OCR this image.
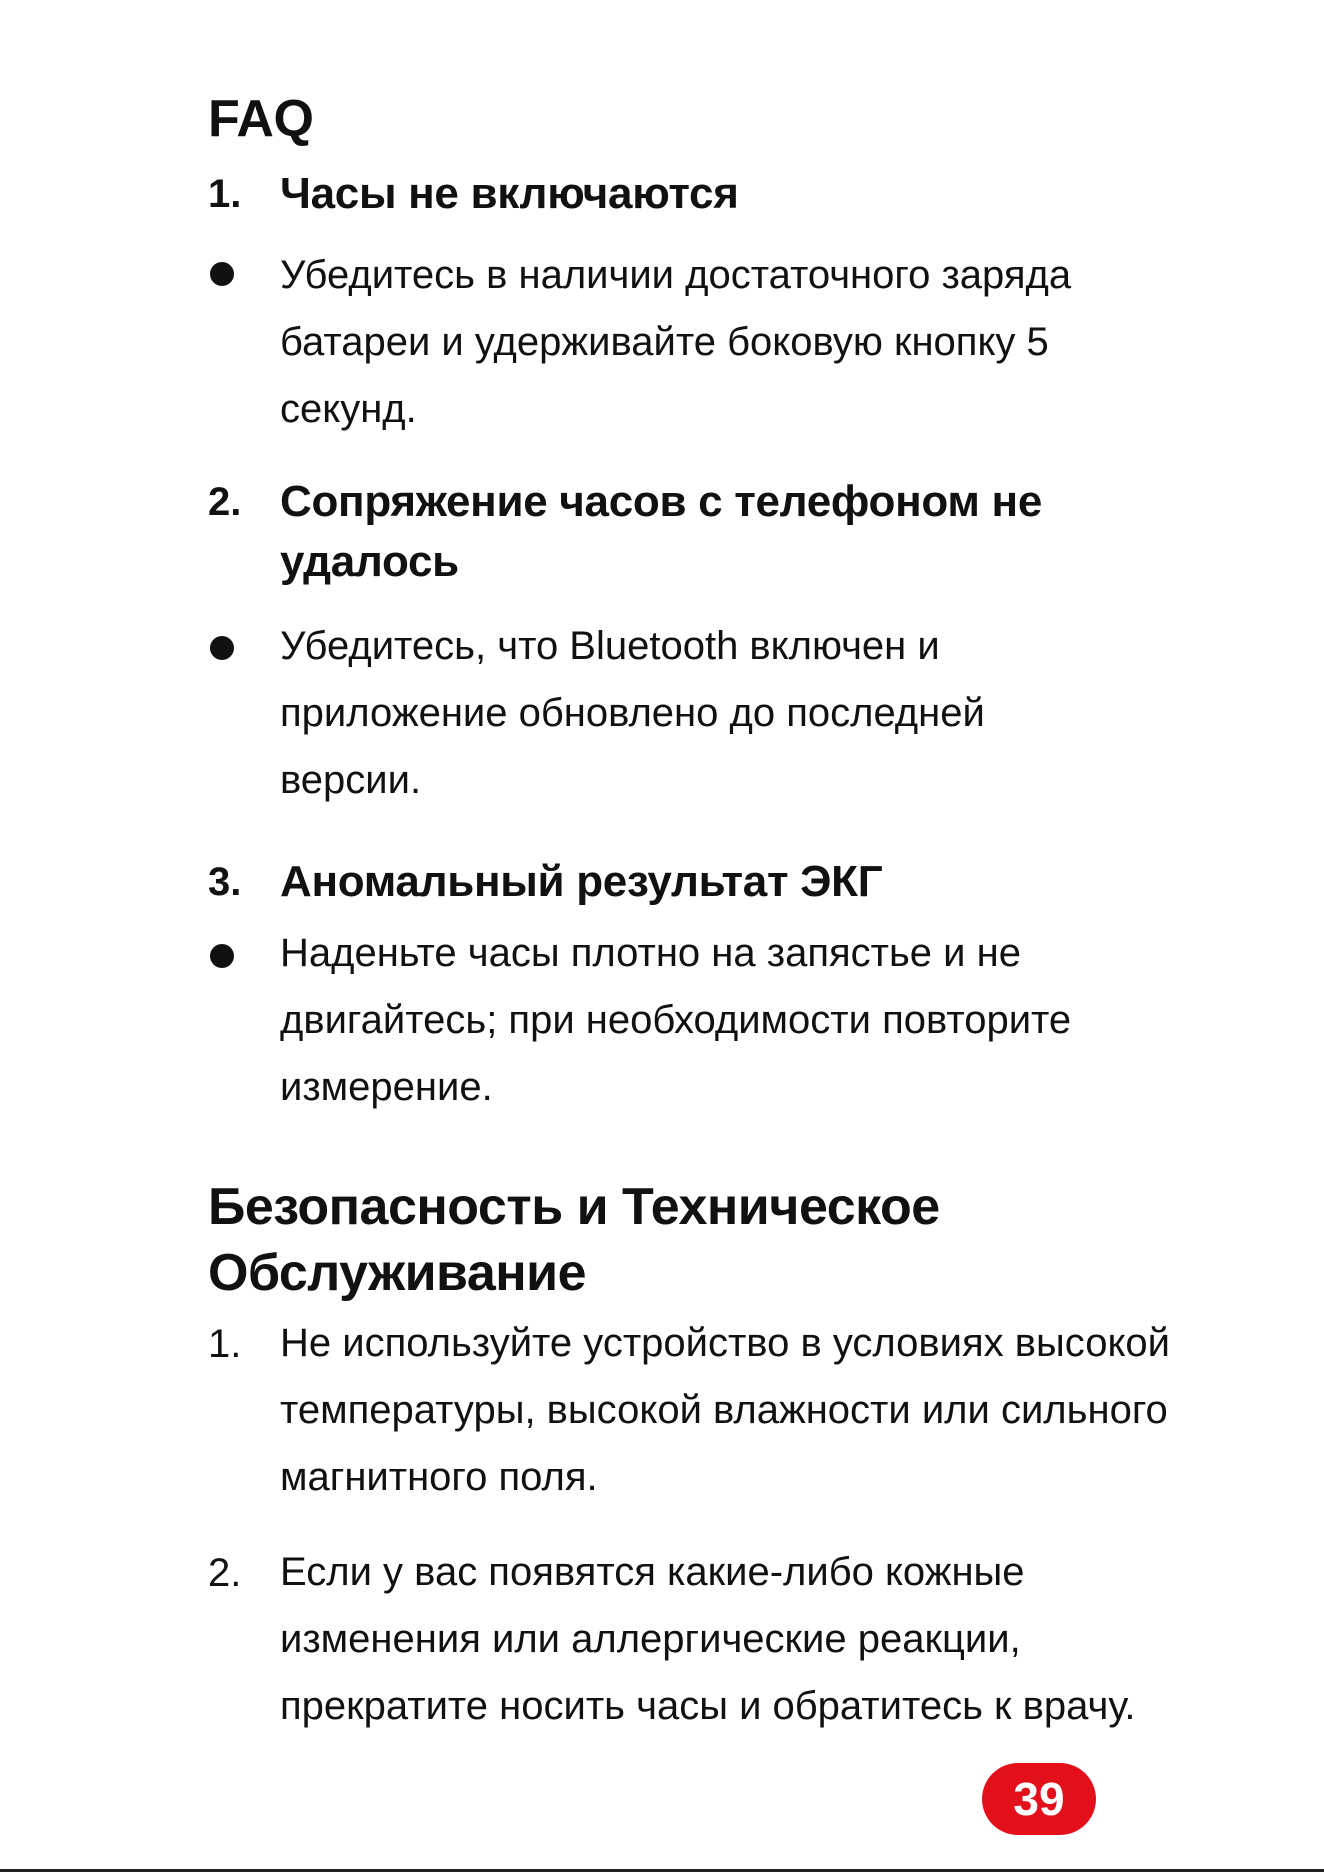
FAQ
1. Часы не включаются

Убедитесь в наличии достаточного заряда батареи и удерживайте боковую кнопку 5 секунд.

2. Сопряжение часов с телефоном не удалось

Убедитесь, что Bluetooth включен и приложение обновлено до последней версии.

3. Аномальный результат ЭКГ

Наденьте часы плотно на запястье и не двигайтесь; при необходимости повторите измерение.

Безопасность и Техническое Обслуживание
1. Не используйте устройство в условиях высокой температуры, высокой влажности или сильного магнитного поля.

2. Если у вас появятся какие-либо кожные изменения или аллергические реакции, прекратите носить часы и обратитесь к врачу.

39
